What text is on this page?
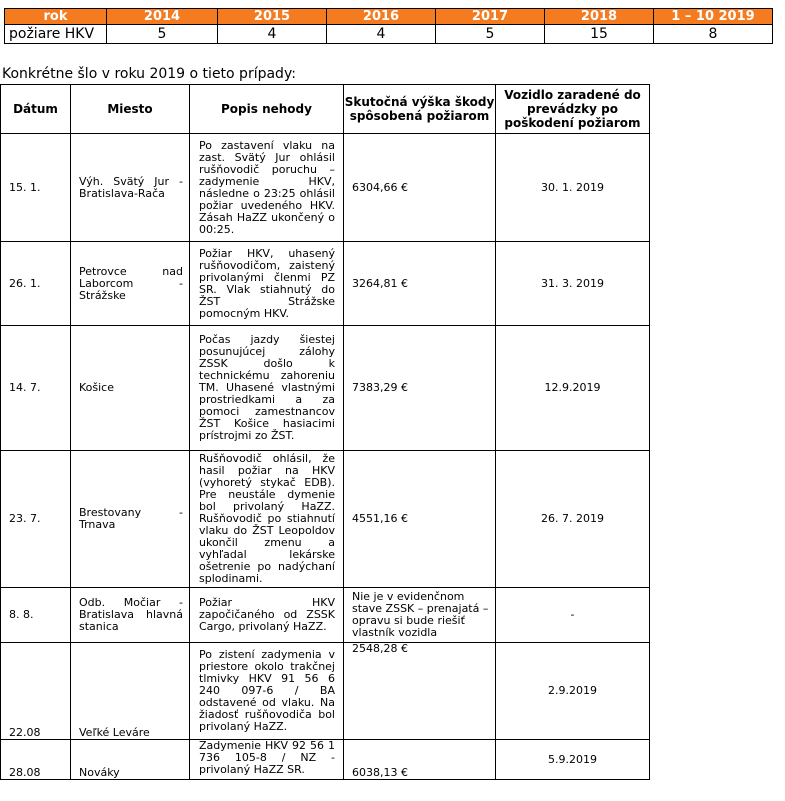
rok	2014	2015	2016	2017	2018	1 – 10 2019
požiare HKV	5	4	4	5	15	8

Konkrétne šlo v roku 2019 o tieto prípady:

Dátum	Miesto	Popis nehody	Skutočná výška škody spôsobená požiarom	Vozidlo zaradené do prevádzky po poškodení požiarom
15. 1.	Výh. Svätý Jur - Bratislava-Rača	Po zastavení vlaku na zast. Svätý Jur ohlásil rušňovodič poruchu – zadymenie HKV, následne o 23:25 ohlásil požiar uvedeného HKV. Zásah HaZZ ukončený o 00:25.	6304,66 €	30. 1. 2019
26. 1.	Petrovce nad Laborcom - Strážske	Požiar HKV, uhasený rušňovodičom, zaistený privolanými členmi PZ SR. Vlak stiahnutý do ŽST Strážske pomocným HKV.	3264,81 €	31. 3. 2019
14. 7.	Košice	Počas jazdy šiestej posunujúcej zálohy ZSSK došlo k technickému zahoreniu TM. Uhasené vlastnými prostriedkami a za pomoci zamestnancov ŽST Košice hasiacimi prístrojmi zo ŽST.	7383,29 €	12.9.2019
23. 7.	Brestovany - Trnava	Rušňovodič ohlásil, že hasil požiar na HKV (vyhoretý stykač EDB). Pre neustále dymenie bol privolaný HaZZ. Rušňovodič po stiahnutí vlaku do ŽST Leopoldov ukončil zmenu a vyhľadal lekárske ošetrenie po nadýchaní splodinami.	4551,16 €	26. 7. 2019
8. 8.	Odb. Močiar - Bratislava hlavná stanica	Požiar HKV započičaného od ZSSK Cargo, privolaný HaZZ.	Nie je v evidenčnom stave ZSSK – prenajatá – opravu si bude riešiť vlastník vozidla	-
22.08	Veľké Leváre	Po zistení zadymenia v priestore okolo trakčnej tlmivky HKV 91 56 6 240 097-6 / BA odstavené od vlaku. Na žiadosť rušňovodiča bol privolaný HaZZ.	2548,28 €	2.9.2019
28.08	Nováky	Zadymenie HKV 92 56 1 736 105-8 / NZ - privolaný HaZZ SR.	6038,13 €	5.9.2019
